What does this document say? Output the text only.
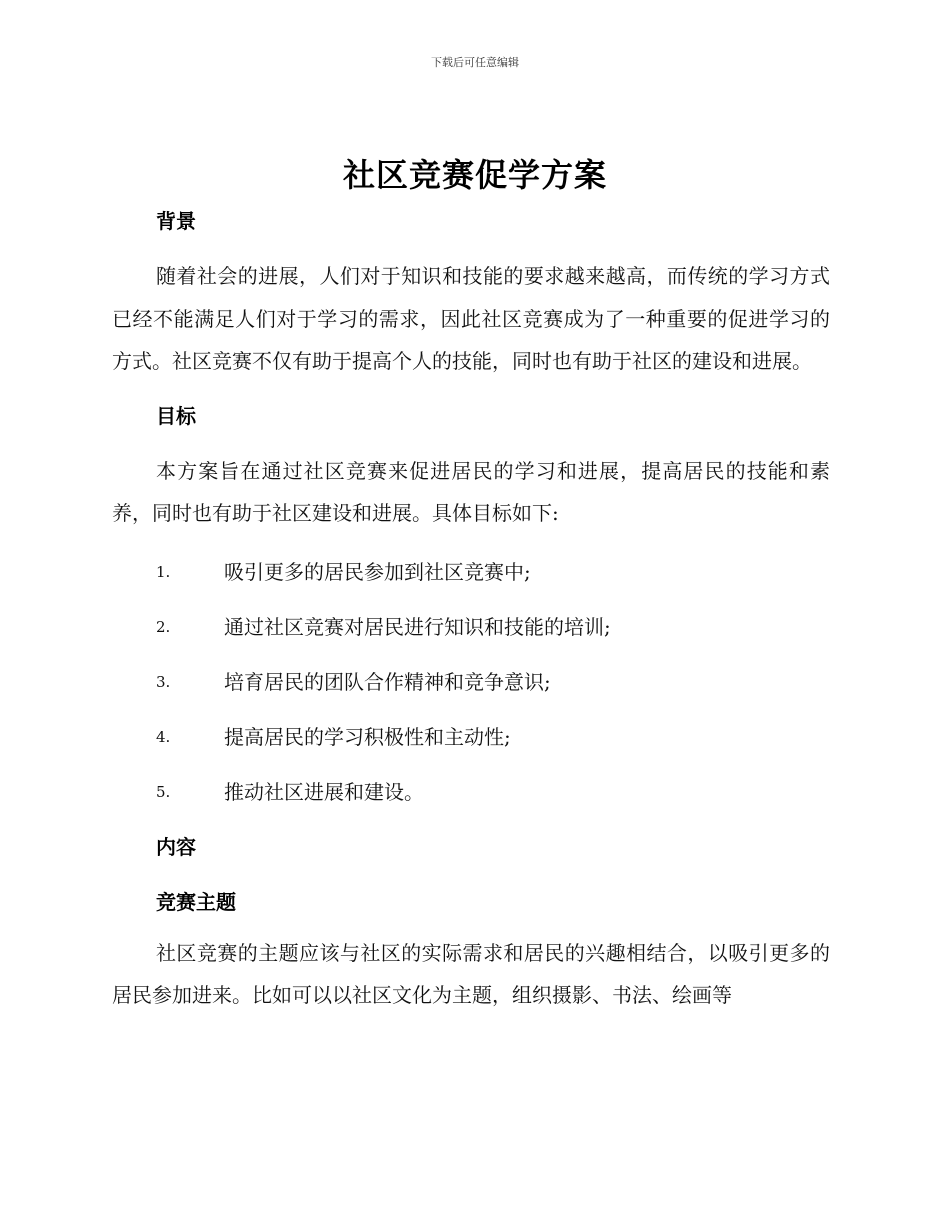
下载后可任意编辑
社区竞赛促学方案
背景

随着社会的进展，人们对于知识和技能的要求越来越高，而传统的学习方式已经不能满足人们对于学习的需求，因此社区竞赛成为了一种重要的促进学习的方式。社区竞赛不仅有助于提高个人的技能，同时也有助于社区的建设和进展。

目标

本方案旨在通过社区竞赛来促进居民的学习和进展，提高居民的技能和素养，同时也有助于社区建设和进展。具体目标如下:

1.	吸引更多的居民参加到社区竞赛中;
2.	通过社区竞赛对居民进行知识和技能的培训;
3.	培育居民的团队合作精神和竞争意识;
4.	提高居民的学习积极性和主动性;
5.	推动社区进展和建设。
内容
竞赛主题

社区竞赛的主题应该与社区的实际需求和居民的兴趣相结合，以吸引更多的居民参加进来。比如可以以社区文化为主题，组织摄影、书法、绘画等
